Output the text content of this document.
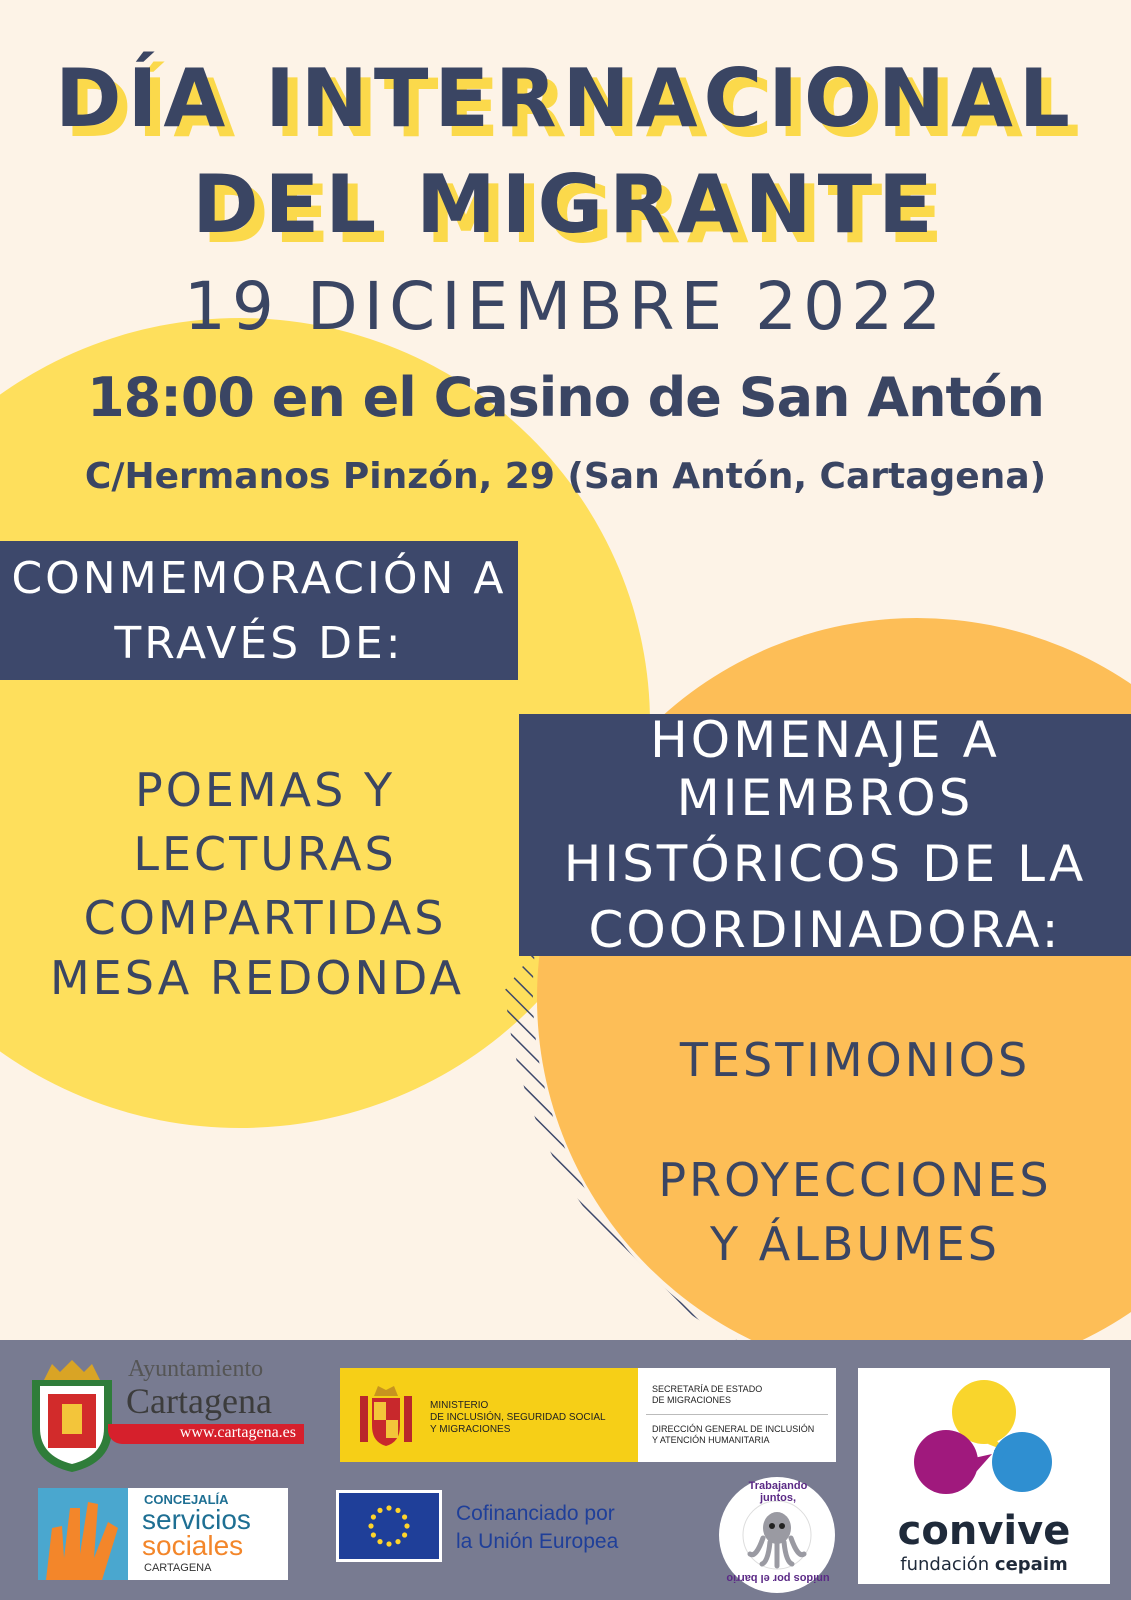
DÍA INTERNACIONAL
DEL MIGRANTE
19 DICIEMBRE 2022
18:00 en el Casino de San Antón
C/Hermanos Pinzón, 29 (San Antón, Cartagena)
CONMEMORACIÓN A
TRAVÉS DE:
POEMAS Y LECTURAS
COMPARTIDAS
MESA REDONDA
HOMENAJE A MIEMBROS
HISTÓRICOS DE LA
COORDINADORA:
TESTIMONIOS
PROYECCIONES
Y ÁLBUMES
Ayuntamiento
Cartagena
www.cartagena.es
MINISTERIO
DE INCLUSIÓN, SEGURIDAD SOCIAL
Y MIGRACIONES
SECRETARÍA DE ESTADO
DE MIGRACIONES
DIRECCIÓN GENERAL DE INCLUSIÓN
Y ATENCIÓN HUMANITARIA
convive
fundación cepaim
CONCEJALÍA
servicios
sociales
CARTAGENA
Cofinanciado por
la Unión Europea
Trabajando juntos,
unidos por el barrio
